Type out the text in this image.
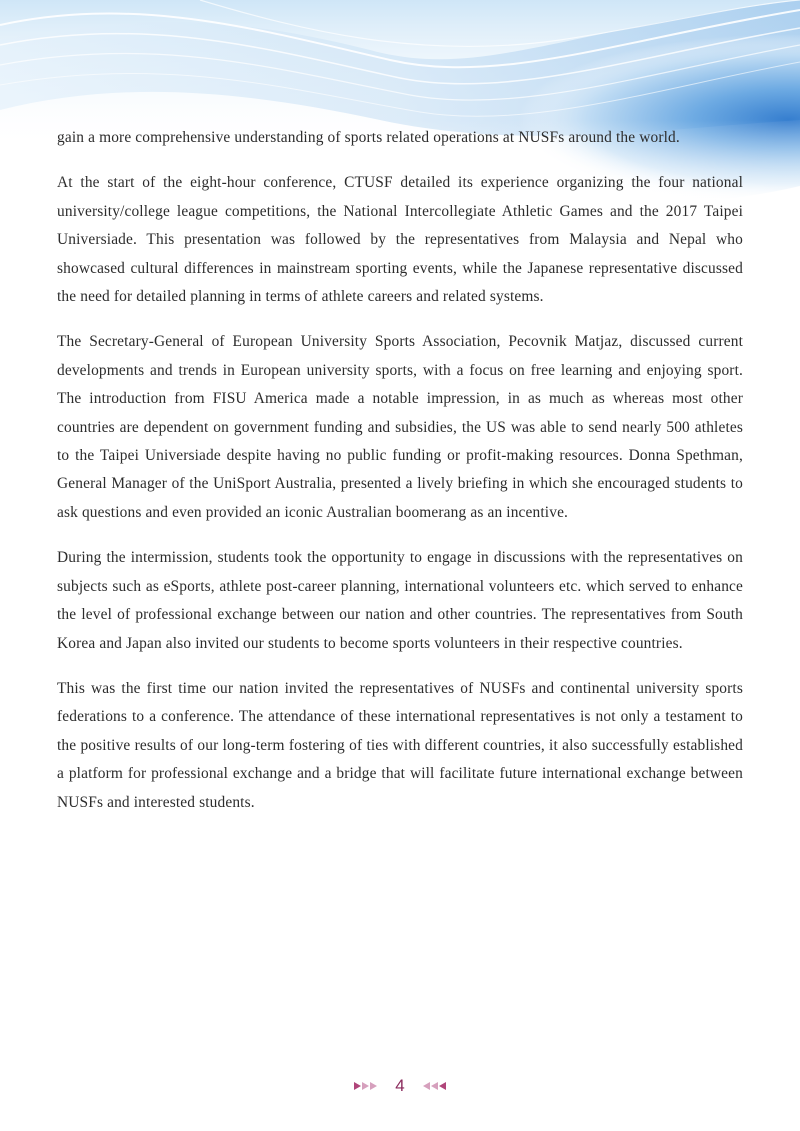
gain a more comprehensive understanding of sports related operations at NUSFs around the world.

At the start of the eight-hour conference, CTUSF detailed its experience organizing the four national university/college league competitions, the National Intercollegiate Athletic Games and the 2017 Taipei Universiade. This presentation was followed by the representatives from Malaysia and Nepal who showcased cultural differences in mainstream sporting events, while the Japanese representative discussed the need for detailed planning in terms of athlete careers and related systems.

The Secretary-General of European University Sports Association, Pecovnik Matjaz, discussed current developments and trends in European university sports, with a focus on free learning and enjoying sport. The introduction from FISU America made a notable impression, in as much as whereas most other countries are dependent on government funding and subsidies, the US was able to send nearly 500 athletes to the Taipei Universiade despite having no public funding or profit-making resources. Donna Spethman, General Manager of the UniSport Australia, presented a lively briefing in which she encouraged students to ask questions and even provided an iconic Australian boomerang as an incentive.

During the intermission, students took the opportunity to engage in discussions with the representatives on subjects such as eSports, athlete post-career planning, international volunteers etc. which served to enhance the level of professional exchange between our nation and other countries. The representatives from South Korea and Japan also invited our students to become sports volunteers in their respective countries.

This was the first time our nation invited the representatives of NUSFs and continental university sports federations to a conference. The attendance of these international representatives is not only a testament to the positive results of our long-term fostering of ties with different countries, it also successfully established a platform for professional exchange and a bridge that will facilitate future international exchange between NUSFs and interested students.

4
